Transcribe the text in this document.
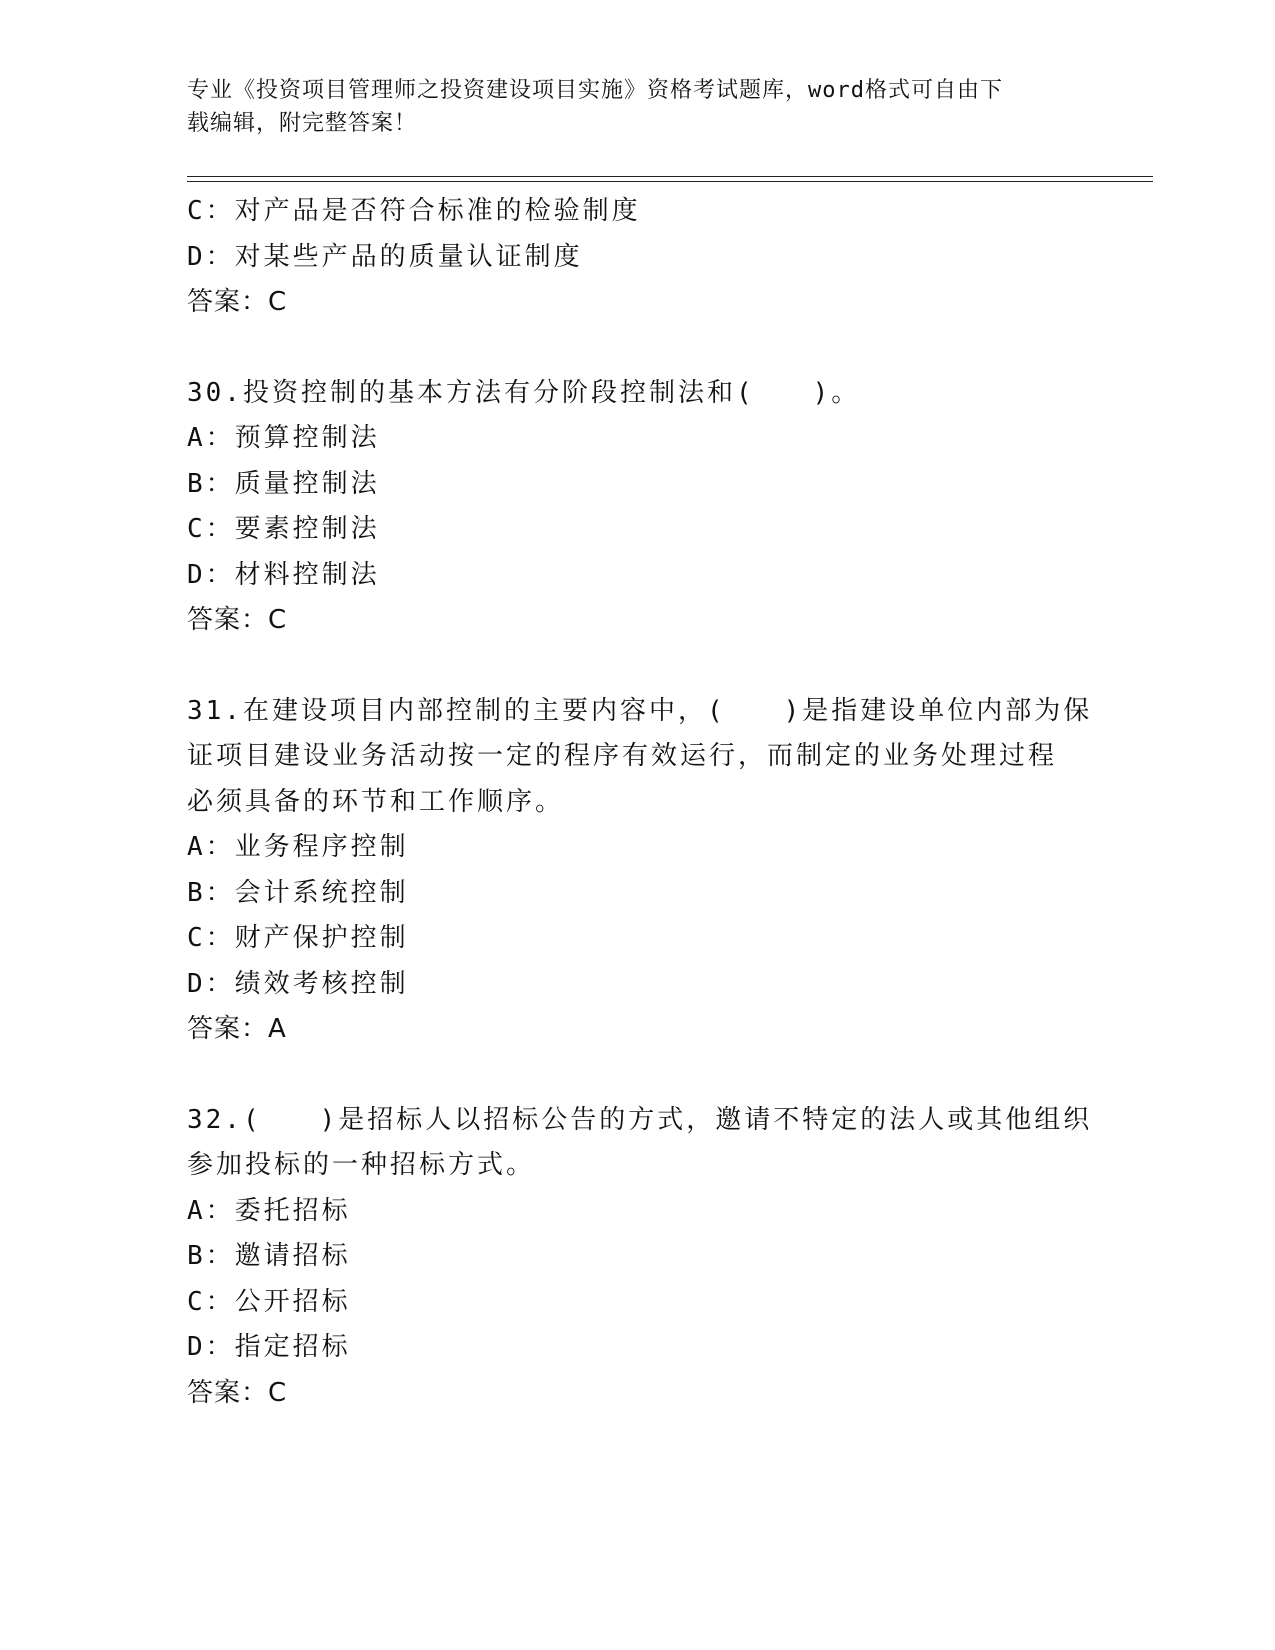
专业《投资项目管理师之投资建设项目实施》资格考试题库，word格式可自由下
载编辑，附完整答案！
C：对产品是否符合标准的检验制度
D：对某些产品的质量认证制度
答案：C
30.投资控制的基本方法有分阶段控制法和(　　)。
A：预算控制法
B：质量控制法
C：要素控制法
D：材料控制法
答案：C
31.在建设项目内部控制的主要内容中，(　　)是指建设单位内部为保
证项目建设业务活动按一定的程序有效运行，而制定的业务处理过程
必须具备的环节和工作顺序。
A：业务程序控制
B：会计系统控制
C：财产保护控制
D：绩效考核控制
答案：A
32.(　　)是招标人以招标公告的方式，邀请不特定的法人或其他组织
参加投标的一种招标方式。
A：委托招标
B：邀请招标
C：公开招标
D：指定招标
答案：C
